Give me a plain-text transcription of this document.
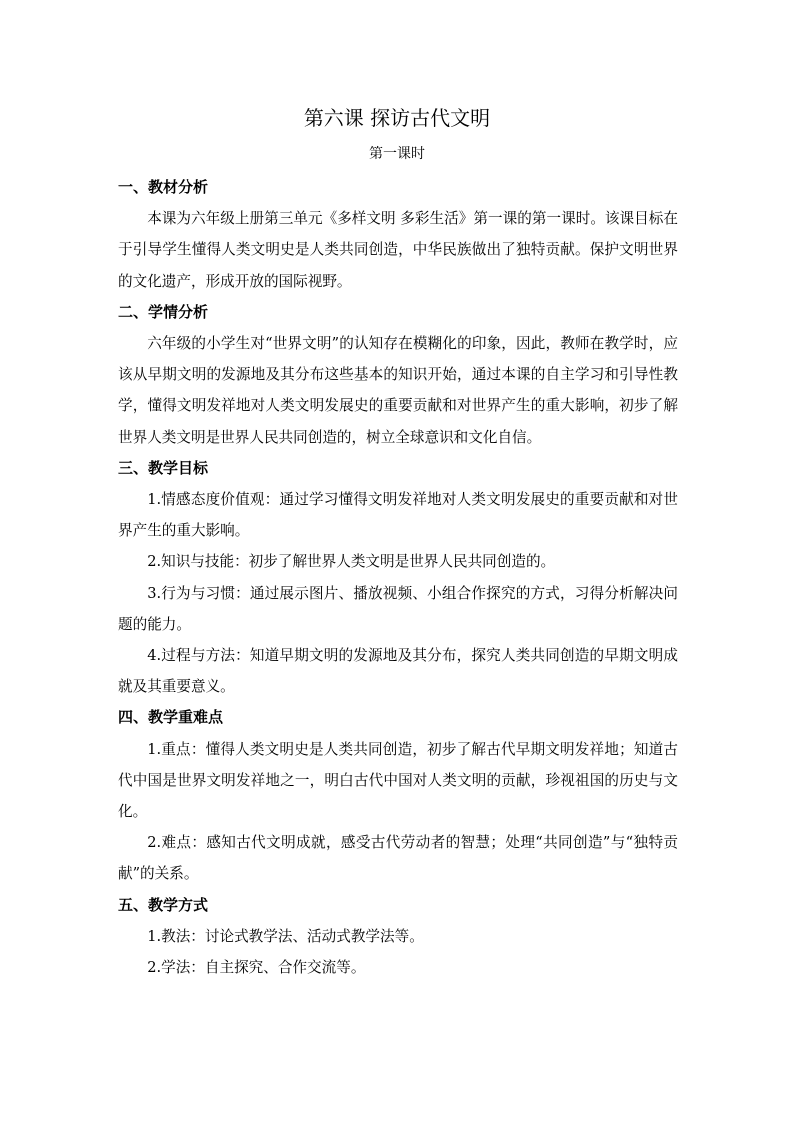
第六课 探访古代文明
第一课时

一、教材分析

本课为六年级上册第三单元《多样文明 多彩生活》第一课的第一课时。该课目标在于引导学生懂得人类文明史是人类共同创造，中华民族做出了独特贡献。保护文明世界的文化遗产，形成开放的国际视野。

二、学情分析

六年级的小学生对“世界文明”的认知存在模糊化的印象，因此，教师在教学时，应该从早期文明的发源地及其分布这些基本的知识开始，通过本课的自主学习和引导性教学，懂得文明发祥地对人类文明发展史的重要贡献和对世界产生的重大影响，初步了解世界人类文明是世界人民共同创造的，树立全球意识和文化自信。

三、教学目标

1.情感态度价值观：通过学习懂得文明发祥地对人类文明发展史的重要贡献和对世界产生的重大影响。

2.知识与技能：初步了解世界人类文明是世界人民共同创造的。

3.行为与习惯：通过展示图片、播放视频、小组合作探究的方式，习得分析解决问题的能力。

4.过程与方法：知道早期文明的发源地及其分布，探究人类共同创造的早期文明成就及其重要意义。

四、教学重难点

1.重点：懂得人类文明史是人类共同创造，初步了解古代早期文明发祥地；知道古代中国是世界文明发祥地之一，明白古代中国对人类文明的贡献，珍视祖国的历史与文化。

2.难点：感知古代文明成就，感受古代劳动者的智慧；处理“共同创造”与“独特贡献”的关系。

五、教学方式

1.教法：讨论式教学法、活动式教学法等。

2.学法：自主探究、合作交流等。
